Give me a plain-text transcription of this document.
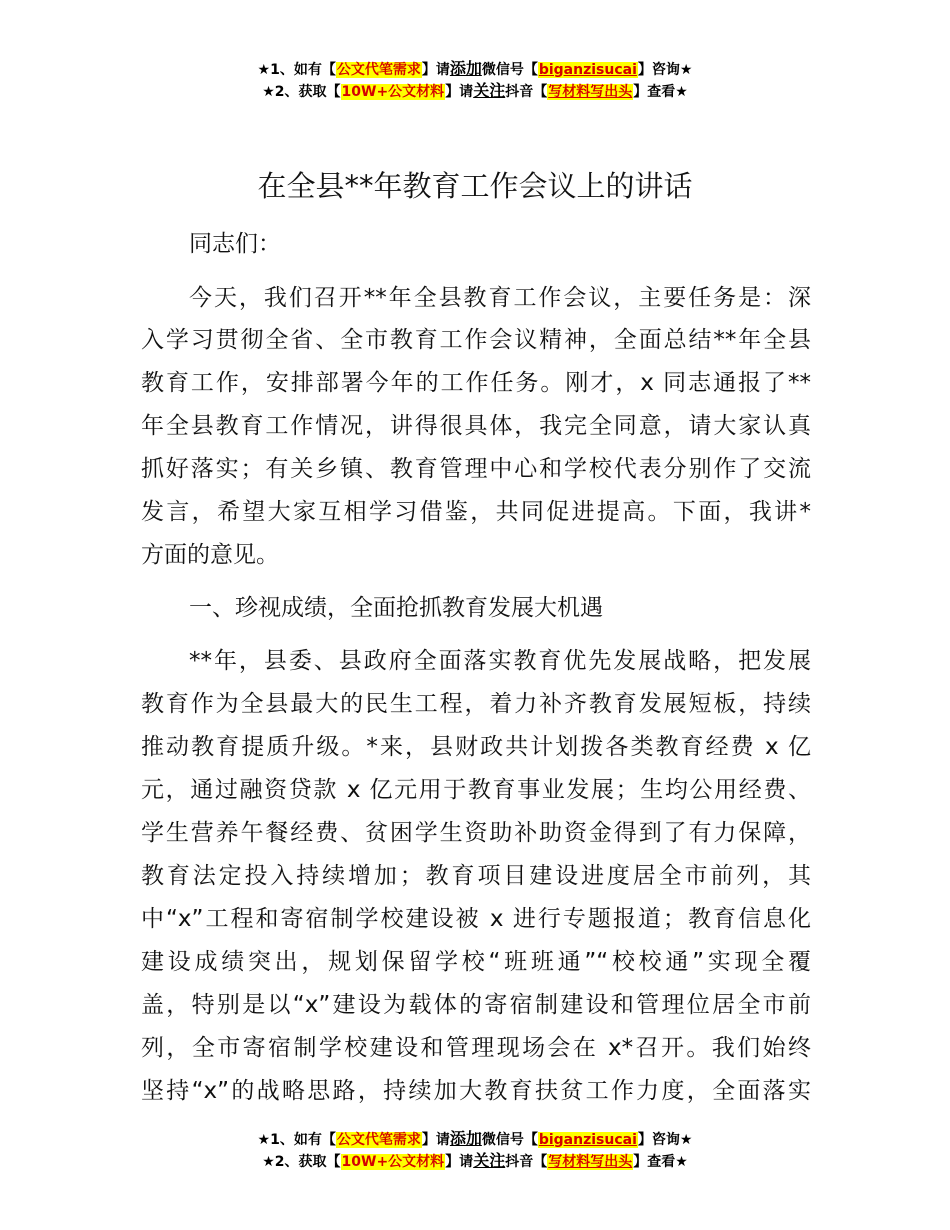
★1、如有【公文代笔需求】请添加微信号【biganzisucai】咨询★
★2、获取【10W+公文材料】请关注抖音【写材料写出头】查看★
在全县**年教育工作会议上的讲话
同志们：
今天，我们召开**年全县教育工作会议，主要任务是：深
入学习贯彻全省、全市教育工作会议精神，全面总结**年全县
教育工作，安排部署今年的工作任务。刚才，x 同志通报了**
年全县教育工作情况，讲得很具体，我完全同意，请大家认真
抓好落实；有关乡镇、教育管理中心和学校代表分别作了交流
发言，希望大家互相学习借鉴，共同促进提高。下面，我讲*
方面的意见。
一、珍视成绩，全面抢抓教育发展大机遇
**年，县委、县政府全面落实教育优先发展战略，把发展
教育作为全县最大的民生工程，着力补齐教育发展短板，持续
推动教育提质升级。*来，县财政共计划拨各类教育经费 x 亿
元，通过融资贷款 x 亿元用于教育事业发展；生均公用经费、
学生营养午餐经费、贫困学生资助补助资金得到了有力保障，
教育法定投入持续增加；教育项目建设进度居全市前列，其
中“x”工程和寄宿制学校建设被 x 进行专题报道；教育信息化
建设成绩突出，规划保留学校“班班通”“校校通”实现全覆
盖，特别是以“x”建设为载体的寄宿制建设和管理位居全市前
列，全市寄宿制学校建设和管理现场会在 x*召开。我们始终
坚持“x”的战略思路，持续加大教育扶贫工作力度，全面落实
★1、如有【公文代笔需求】请添加微信号【biganzisucai】咨询★
★2、获取【10W+公文材料】请关注抖音【写材料写出头】查看★
